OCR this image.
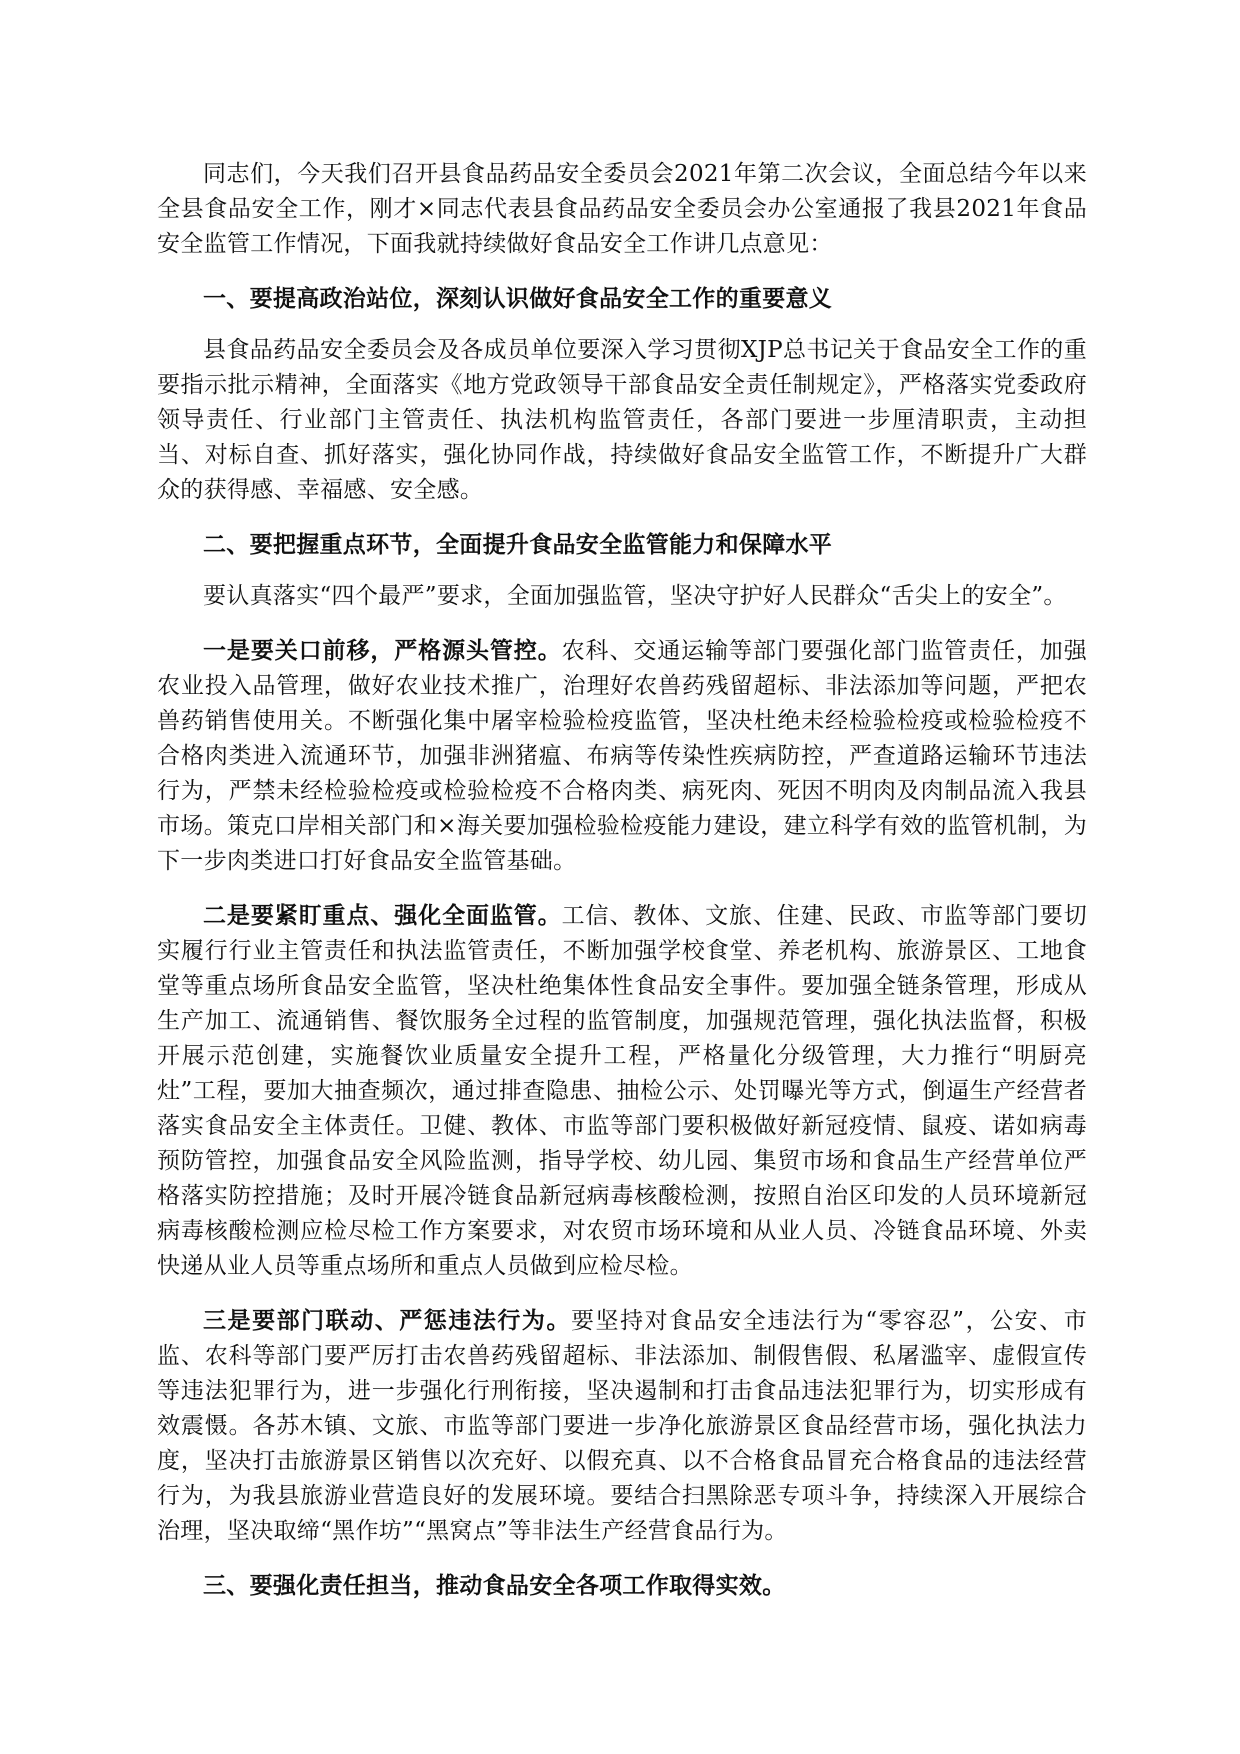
同志们，今天我们召开县食品药品安全委员会2021年第二次会议，全面总结今年以来全县食品安全工作，刚才×同志代表县食品药品安全委员会办公室通报了我县2021年食品安全监管工作情况，下面我就持续做好食品安全工作讲几点意见：

一、要提高政治站位，深刻认识做好食品安全工作的重要意义

县食品药品安全委员会及各成员单位要深入学习贯彻XJP总书记关于食品安全工作的重要指示批示精神，全面落实《地方党政领导干部食品安全责任制规定》，严格落实党委政府领导责任、行业部门主管责任、执法机构监管责任，各部门要进一步厘清职责，主动担当、对标自查、抓好落实，强化协同作战，持续做好食品安全监管工作，不断提升广大群众的获得感、幸福感、安全感。

二、要把握重点环节，全面提升食品安全监管能力和保障水平

要认真落实“四个最严”要求，全面加强监管，坚决守护好人民群众“舌尖上的安全”。

一是要关口前移，严格源头管控。农科、交通运输等部门要强化部门监管责任，加强农业投入品管理，做好农业技术推广，治理好农兽药残留超标、非法添加等问题，严把农兽药销售使用关。不断强化集中屠宰检验检疫监管，坚决杜绝未经检验检疫或检验检疫不合格肉类进入流通环节，加强非洲猪瘟、布病等传染性疾病防控，严查道路运输环节违法行为，严禁未经检验检疫或检验检疫不合格肉类、病死肉、死因不明肉及肉制品流入我县市场。策克口岸相关部门和×海关要加强检验检疫能力建设，建立科学有效的监管机制，为下一步肉类进口打好食品安全监管基础。

二是要紧盯重点、强化全面监管。工信、教体、文旅、住建、民政、市监等部门要切实履行行业主管责任和执法监管责任，不断加强学校食堂、养老机构、旅游景区、工地食堂等重点场所食品安全监管，坚决杜绝集体性食品安全事件。要加强全链条管理，形成从生产加工、流通销售、餐饮服务全过程的监管制度，加强规范管理，强化执法监督，积极开展示范创建，实施餐饮业质量安全提升工程，严格量化分级管理，大力推行“明厨亮灶”工程，要加大抽查频次，通过排查隐患、抽检公示、处罚曝光等方式，倒逼生产经营者落实食品安全主体责任。卫健、教体、市监等部门要积极做好新冠疫情、鼠疫、诺如病毒预防管控，加强食品安全风险监测，指导学校、幼儿园、集贸市场和食品生产经营单位严格落实防控措施；及时开展冷链食品新冠病毒核酸检测，按照自治区印发的人员环境新冠病毒核酸检测应检尽检工作方案要求，对农贸市场环境和从业人员、冷链食品环境、外卖快递从业人员等重点场所和重点人员做到应检尽检。

三是要部门联动、严惩违法行为。要坚持对食品安全违法行为“零容忍”，公安、市监、农科等部门要严厉打击农兽药残留超标、非法添加、制假售假、私屠滥宰、虚假宣传等违法犯罪行为，进一步强化行刑衔接，坚决遏制和打击食品违法犯罪行为，切实形成有效震慑。各苏木镇、文旅、市监等部门要进一步净化旅游景区食品经营市场，强化执法力度，坚决打击旅游景区销售以次充好、以假充真、以不合格食品冒充合格食品的违法经营行为，为我县旅游业营造良好的发展环境。要结合扫黑除恶专项斗争，持续深入开展综合治理，坚决取缔“黑作坊”“黑窝点”等非法生产经营食品行为。

三、要强化责任担当，推动食品安全各项工作取得实效。
